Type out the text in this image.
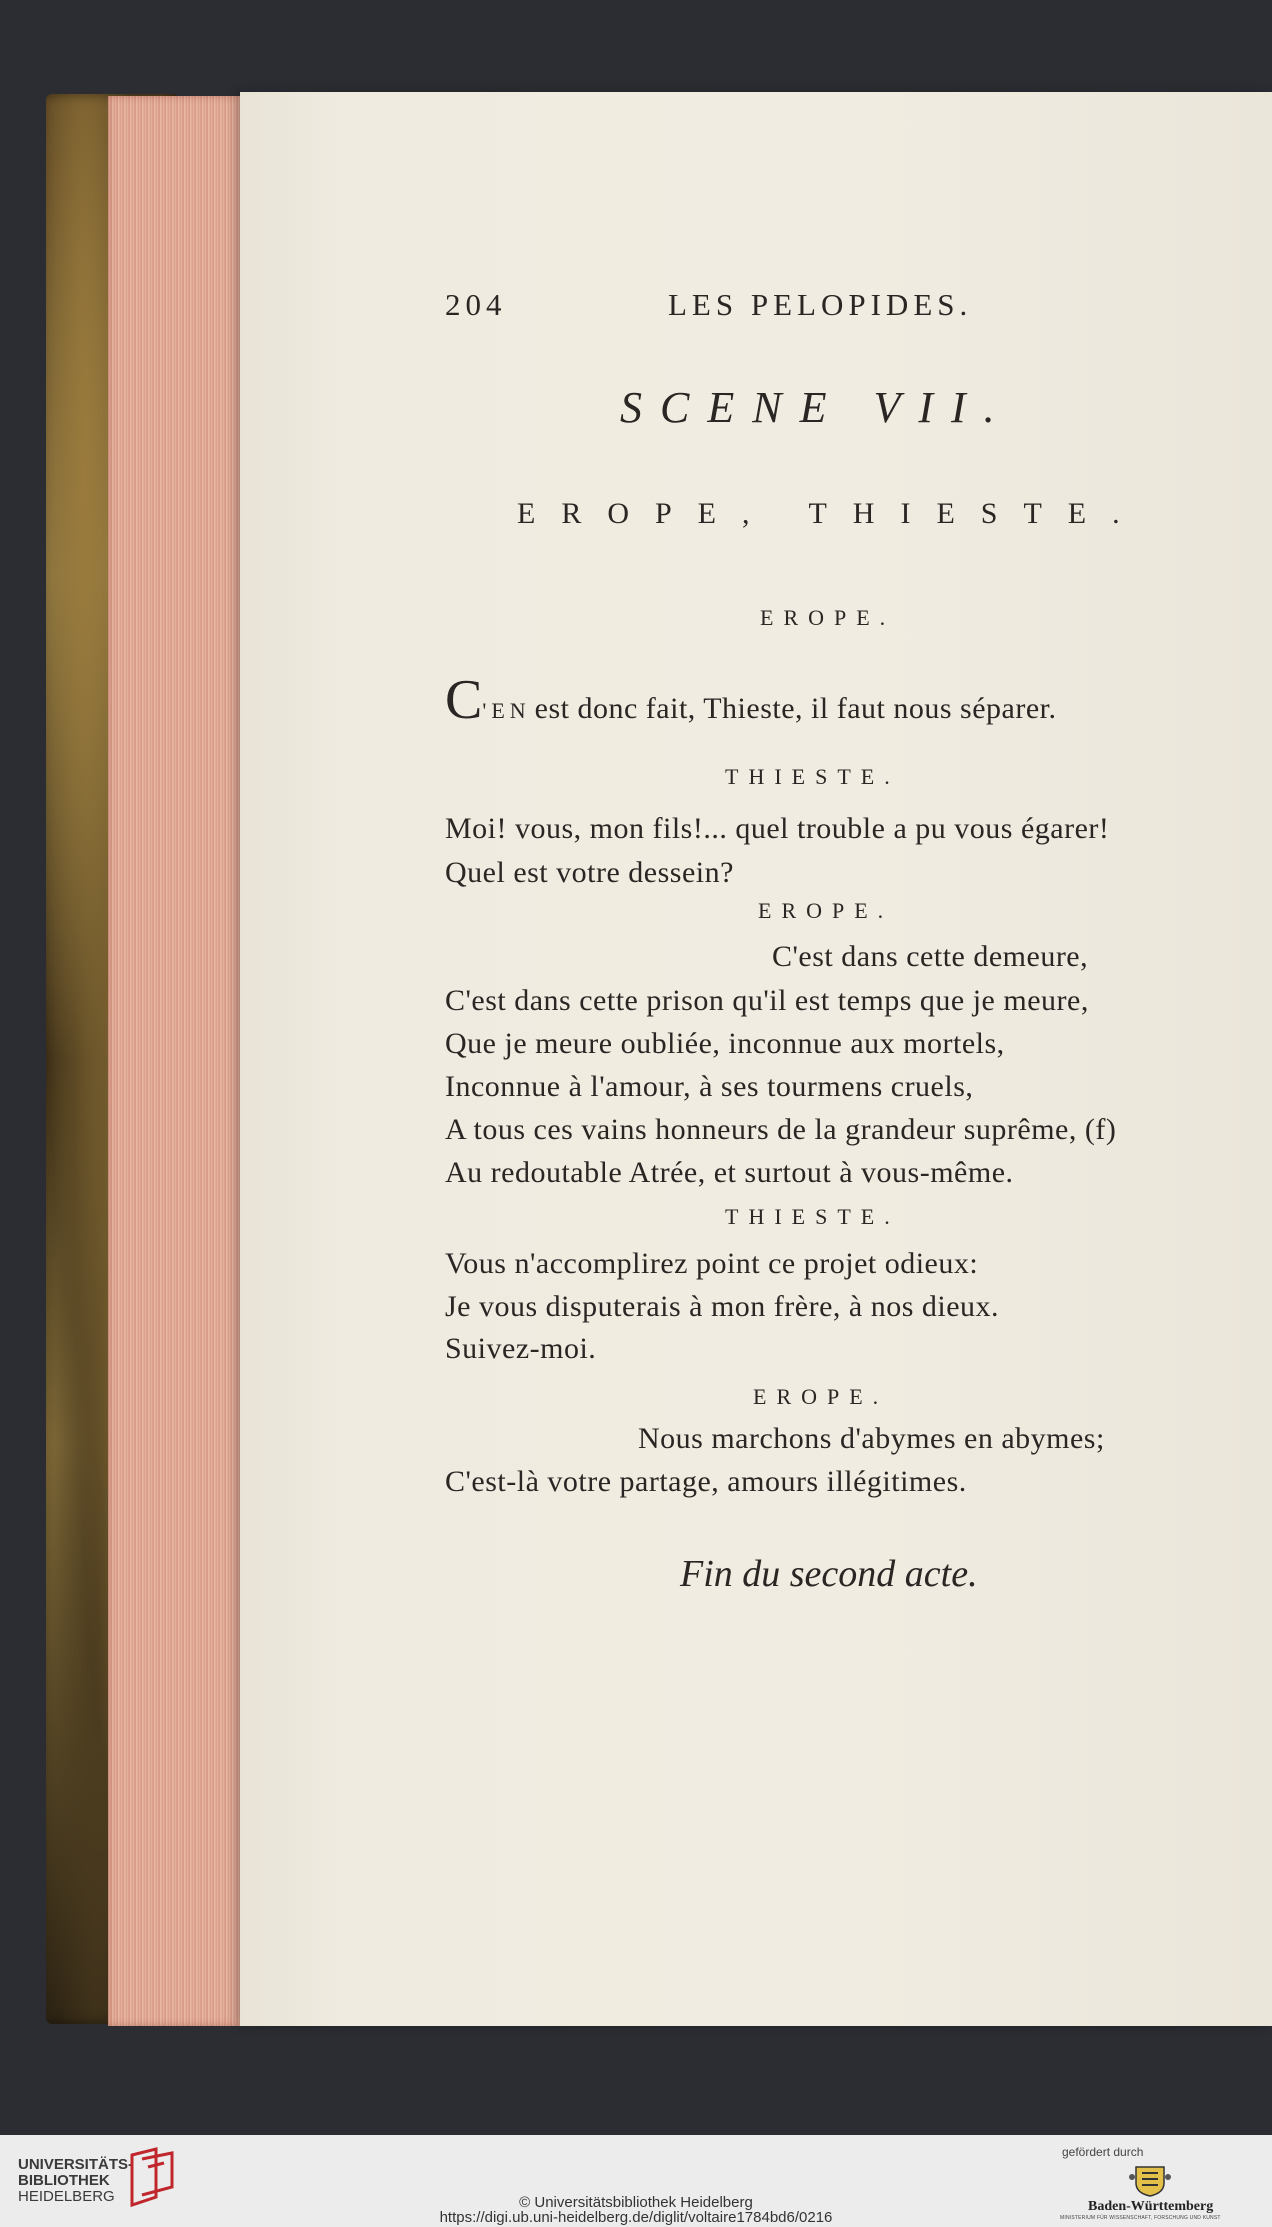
204	LES PELOPIDES.
SCENE VII.
EROPE, THIESTE.
EROPE.
C'EN est donc fait, Thieste, il faut nous séparer.
THIESTE.
Moi! vous, mon fils!... quel trouble a pu vous égarer!
Quel est votre dessein?
EROPE.
C'est dans cette demeure,
C'est dans cette prison qu'il est temps que je meure,
Que je meure oubliée, inconnue aux mortels,
Inconnue à l'amour, à ses tourmens cruels,
A tous ces vains honneurs de la grandeur suprême, (f)
Au redoutable Atrée, et surtout à vous-même.
THIESTE.
Vous n'accomplirez point ce projet odieux:
Je vous disputerais à mon frère, à nos dieux.
Suivez-moi.
EROPE.
Nous marchons d'abymes en abymes;
C'est-là votre partage, amours illégitimes.
Fin du second acte.
UNIVERSITÄTS-
BIBLIOTHEK
HEIDELBERG	© Universitätsbibliothek Heidelberg
https://digi.ub.uni-heidelberg.de/diglit/voltaire1784bd6/0216
gefördert durch
Baden-Württemberg
MINISTERIUM FÜR WISSENSCHAFT, FORSCHUNG UND KUNST
